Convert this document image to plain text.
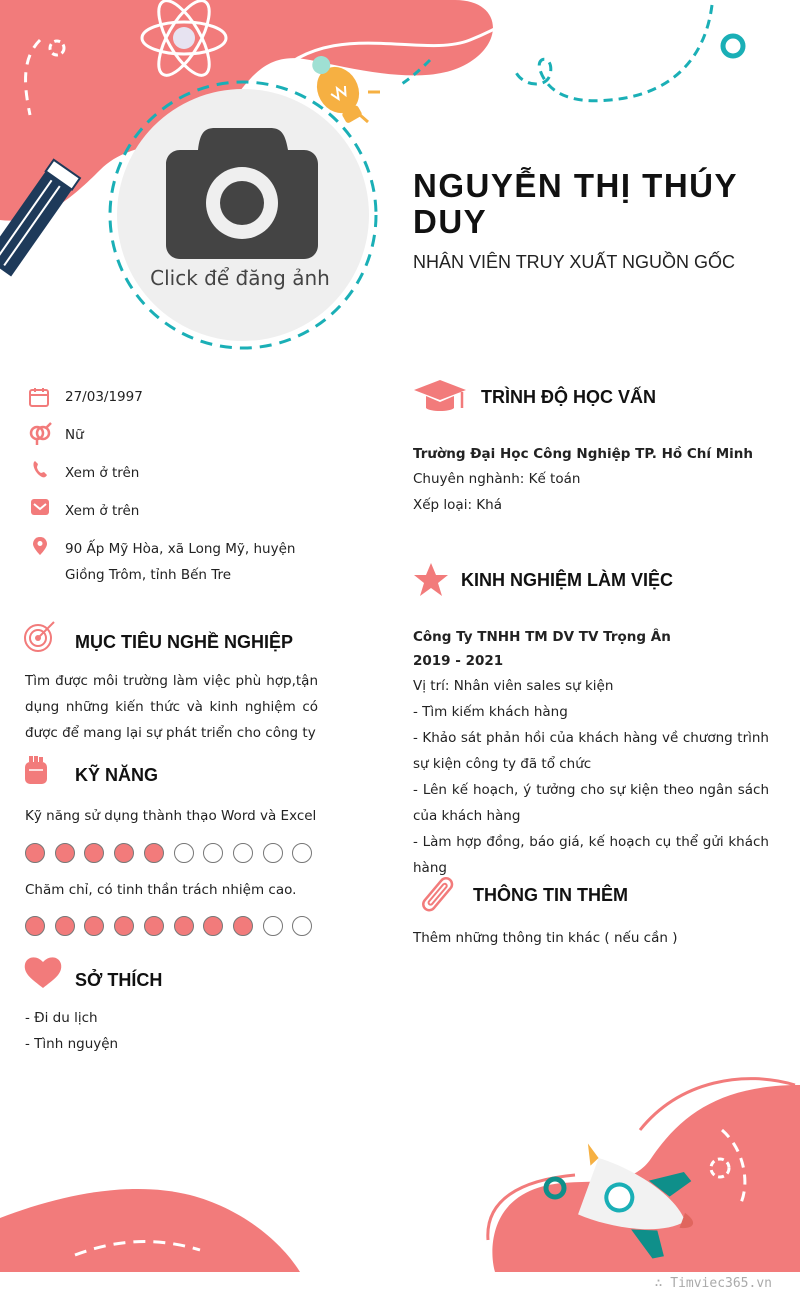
Click để đăng ảnh
NGUYỄN THỊ THÚY DUY
NHÂN VIÊN TRUY XUẤT NGUỒN GỐC
27/03/1997
Nữ
Xem ở trên
Xem ở trên
90 Ấp Mỹ Hòa, xã Long Mỹ, huyện Giồng Trôm, tỉnh Bến Tre
MỤC TIÊU NGHỀ NGHIỆP
Tìm được môi trường làm việc phù hợp,tận dụng những kiến thức và kinh nghiệm có được để mang lại sự phát triển cho công ty
KỸ NĂNG
Kỹ năng sử dụng thành thạo Word và Excel
Chăm chỉ, có tinh thần trách nhiệm cao.
SỞ THÍCH
- Đi du lịch
- Tình nguyện
TRÌNH ĐỘ HỌC VẤN
Trường Đại Học Công Nghiệp TP. Hồ Chí Minh
Chuyên nghành: Kế toán
Xếp loại: Khá
KINH NGHIỆM LÀM VIỆC
Công Ty TNHH TM DV TV Trọng Ân
2019 - 2021
Vị trí: Nhân viên sales sự kiện
- Tìm kiếm khách hàng
- Khảo sát phản hồi của khách hàng về chương trình sự kiện công ty đã tổ chức
- Lên kế hoạch, ý tưởng cho sự kiện theo ngân sách của khách hàng
- Làm hợp đồng, báo giá, kế hoạch cụ thể gửi khách hàng
THÔNG TIN THÊM
Thêm những thông tin khác ( nếu cần )
∴ Timviec365.vn
